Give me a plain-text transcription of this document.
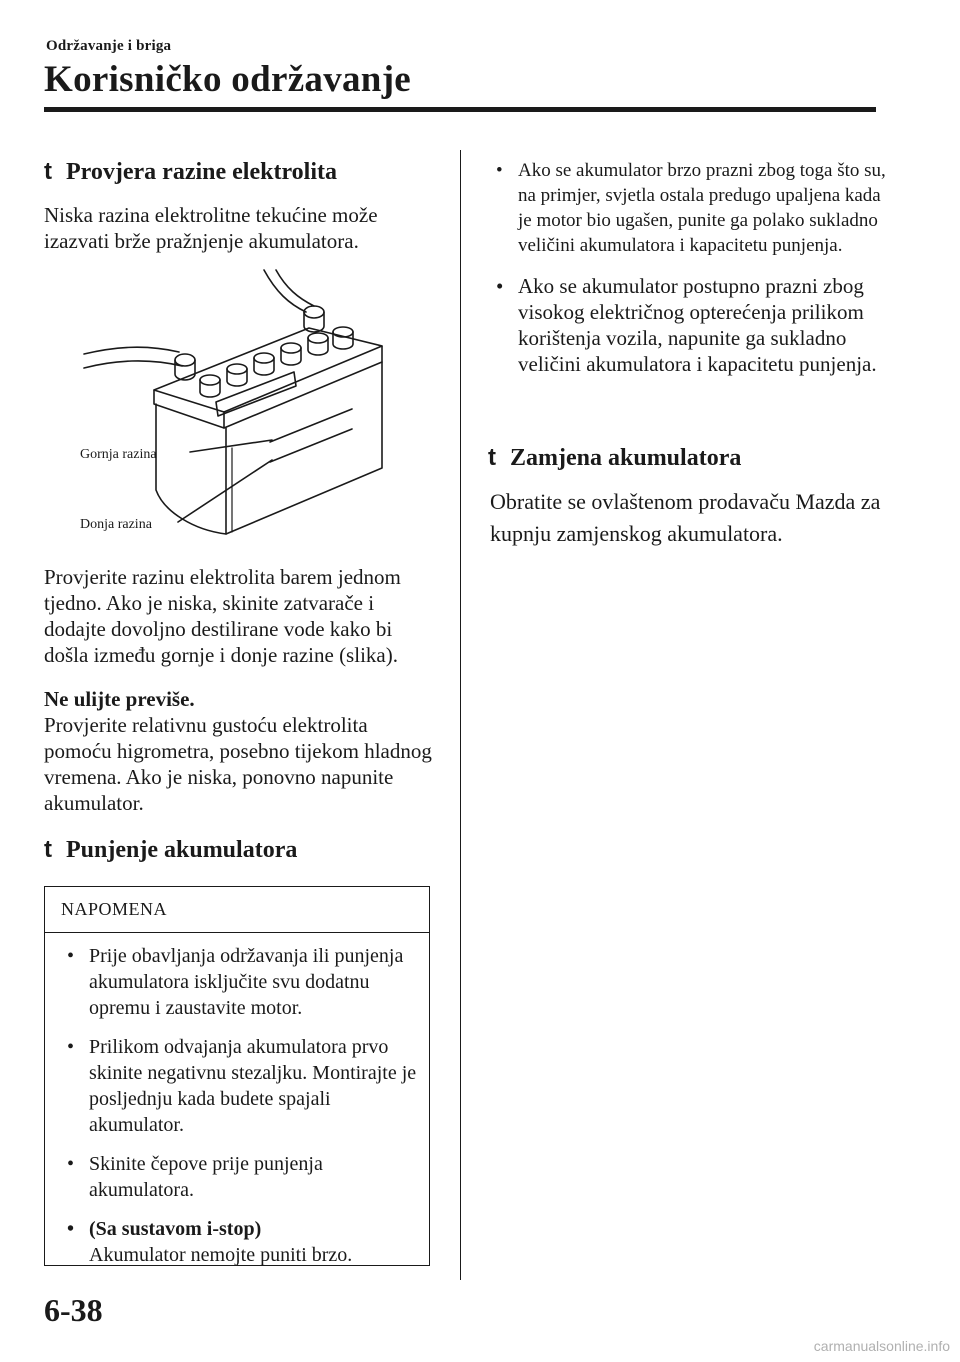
Održavanje i briga
Korisničko održavanje
t Provjera razine elektrolita

Niska razina elektrolitne tekućine može izazvati brže pražnjenje akumulatora.

Gornja razina
Donja razina

Provjerite razinu elektrolita barem jednom tjedno. Ako je niska, skinite zatvarače i dodajte dovoljno destilirane vode kako bi došla između gornje i donje razine (slika).

Ne ulijte previše.

Provjerite relativnu gustoću elektrolita pomoću higrometra, posebno tijekom hladnog vremena. Ako je niska, ponovno napunite akumulator.

t Punjenje akumulatora
NAPOMENA
• Prije obavljanja održavanja ili punjenja akumulatora isključite svu dodatnu opremu i zaustavite motor.
• Prilikom odvajanja akumulatora prvo skinite negativnu stezaljku. Montirajte je posljednju kada budete spajali akumulator.
• Skinite čepove prije punjenja akumulatora.
• (Sa sustavom i-stop)
Akumulator nemojte puniti brzo.
• Ako se akumulator brzo prazni zbog toga što su, na primjer, svjetla ostala predugo upaljena kada je motor bio ugašen, punite ga polako sukladno veličini akumulatora i kapacitetu punjenja.
• Ako se akumulator postupno prazni zbog visokog električnog opterećenja prilikom korištenja vozila, napunite ga sukladno veličini akumulatora i kapacitetu punjenja.
t Zamjena akumulatora

Obratite se ovlaštenom prodavaču Mazda za kupnju zamjenskog akumulatora.

6-38
carmanualsonline.info
